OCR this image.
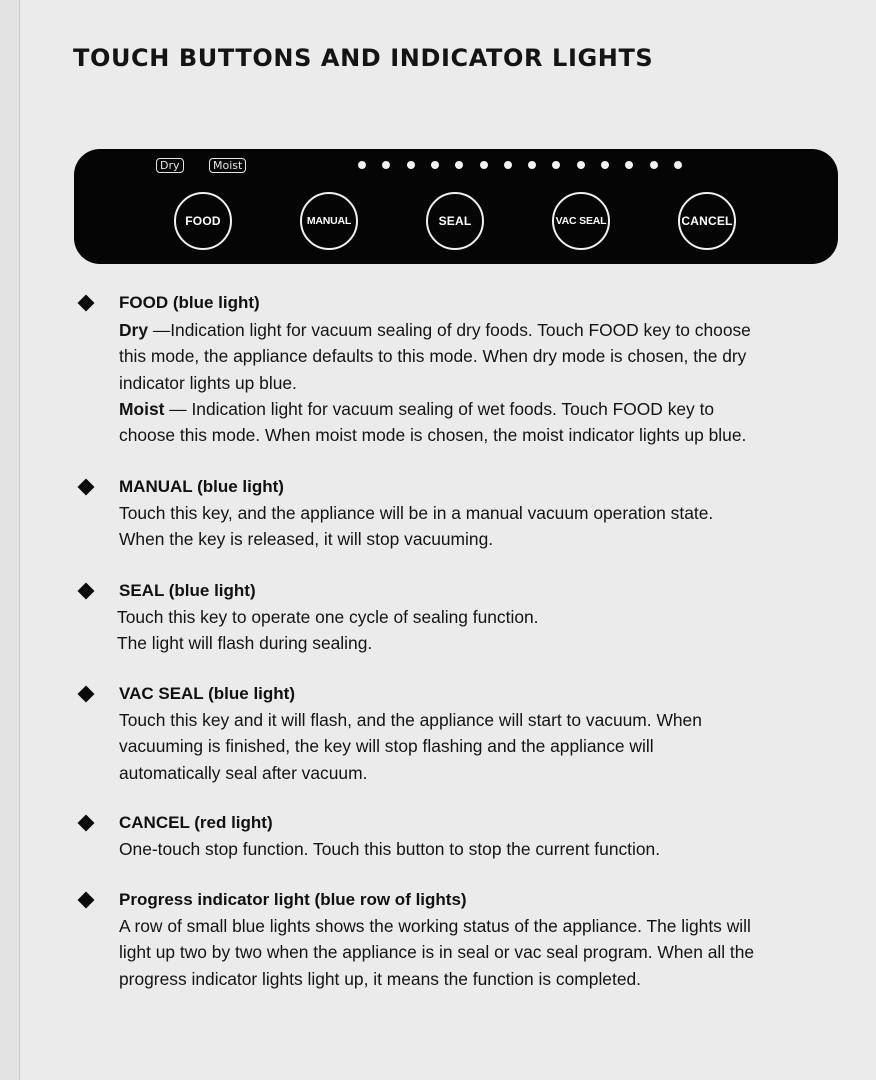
TOUCH BUTTONS AND INDICATOR LIGHTS
Dry	Moist
FOOD	MANUAL	SEAL	VAC SEAL	CANCEL
FOOD (blue light)

Dry —Indication light for vacuum sealing of dry foods. Touch FOOD key to choose
this mode, the appliance defaults to this mode. When dry mode is chosen, the dry
indicator lights up blue.
Moist — Indication light for vacuum sealing of wet foods. Touch FOOD key to
choose this mode. When moist mode is chosen, the moist indicator lights up blue.

MANUAL (blue light)

Touch this key, and the appliance will be in a manual vacuum operation state.
When the key is released, it will stop vacuuming.

SEAL (blue light)

Touch this key to operate one cycle of sealing function.
The light will flash during sealing.

VAC SEAL (blue light)

Touch this key and it will flash, and the appliance will start to vacuum. When
vacuuming is finished, the key will stop flashing and the appliance will
automatically seal after vacuum.

CANCEL (red light)

One-touch stop function. Touch this button to stop the current function.

Progress indicator light (blue row of lights)

A row of small blue lights shows the working status of the appliance. The lights will
light up two by two when the appliance is in seal or vac seal program. When all the
progress indicator lights light up, it means the function is completed.
